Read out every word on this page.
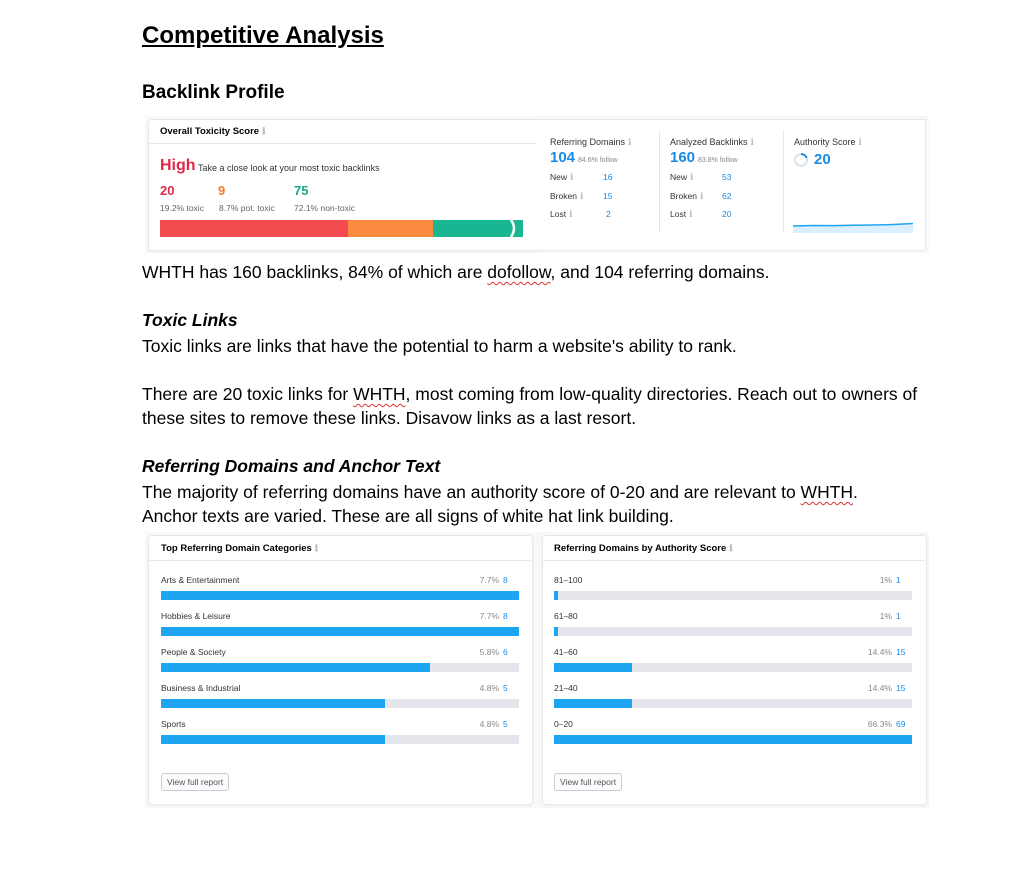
Competitive Analysis
Backlink Profile
Overall Toxicity Score ℹ
High Take a close look at your most toxic backlinks
20	9	75
19.2% toxic 8.7% pot. toxic 72.1% non-toxic
Referring Domains ℹ
104 84.6% follow
New ℹ	16
Broken ℹ 15
Lost ℹ	2
Analyzed Backlinks ℹ
160 83.8% follow
New ℹ	53
Broken ℹ 62
Lost ℹ	20
Authority Score ℹ
20
WHTH has 160 backlinks, 84% of which are dofollow, and 104 referring domains.
Toxic Links
Toxic links are links that have the potential to harm a website's ability to rank.
There are 20 toxic links for WHTH, most coming from low-quality directories. Reach out to owners of these sites to remove these links. Disavow links as a last resort.
Referring Domains and Anchor Text
The majority of referring domains have an authority score of 0-20 and are relevant to WHTH.
Anchor texts are varied. These are all signs of white hat link building.
Top Referring Domain Categories ℹ
Arts & Entertainment	7.7% 8
Hobbies & Leisure	7.7% 8
People & Society	5.8% 6
Business & Industrial	4.8% 5
Sports	4.8% 5
View full report
Referring Domains by Authority Score ℹ
81–100	1% 1
61–80	1% 1
41–60	14.4% 15
21–40	14.4% 15
0–20	66.3% 69
View full report
